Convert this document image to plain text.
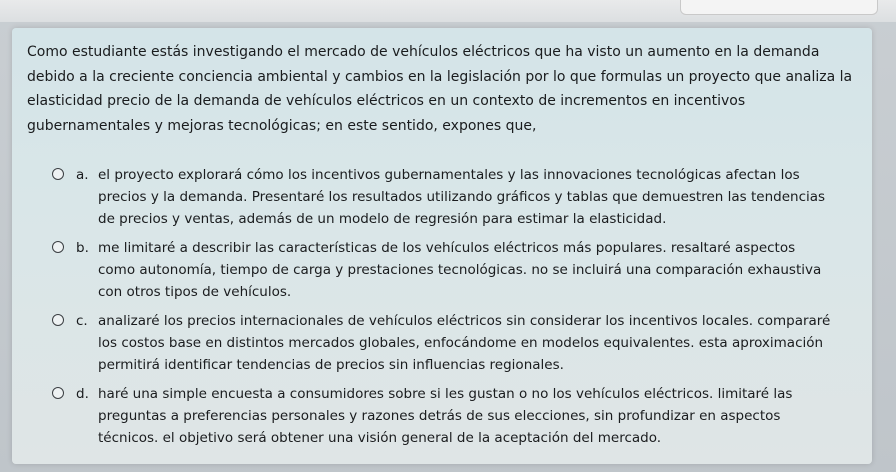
Como estudiante estás investigando el mercado de vehículos eléctricos que ha visto un aumento en la demanda debido a la creciente conciencia ambiental y cambios en la legislación por lo que formulas un proyecto que analiza la elasticidad precio de la demanda de vehículos eléctricos en un contexto de incrementos en incentivos gubernamentales y mejoras tecnológicas; en este sentido, expones que,

a. el proyecto explorará cómo los incentivos gubernamentales y las innovaciones tecnológicas afectan los precios y la demanda. Presentaré los resultados utilizando gráficos y tablas que demuestren las tendencias de precios y ventas, además de un modelo de regresión para estimar la elasticidad.
b. me limitaré a describir las características de los vehículos eléctricos más populares. resaltaré aspectos como autonomía, tiempo de carga y prestaciones tecnológicas. no se incluirá una comparación exhaustiva con otros tipos de vehículos.
c. analizaré los precios internacionales de vehículos eléctricos sin considerar los incentivos locales. compararé los costos base en distintos mercados globales, enfocándome en modelos equivalentes. esta aproximación permitirá identificar tendencias de precios sin influencias regionales.
d. haré una simple encuesta a consumidores sobre si les gustan o no los vehículos eléctricos. limitaré las preguntas a preferencias personales y razones detrás de sus elecciones, sin profundizar en aspectos técnicos. el objetivo será obtener una visión general de la aceptación del mercado.
